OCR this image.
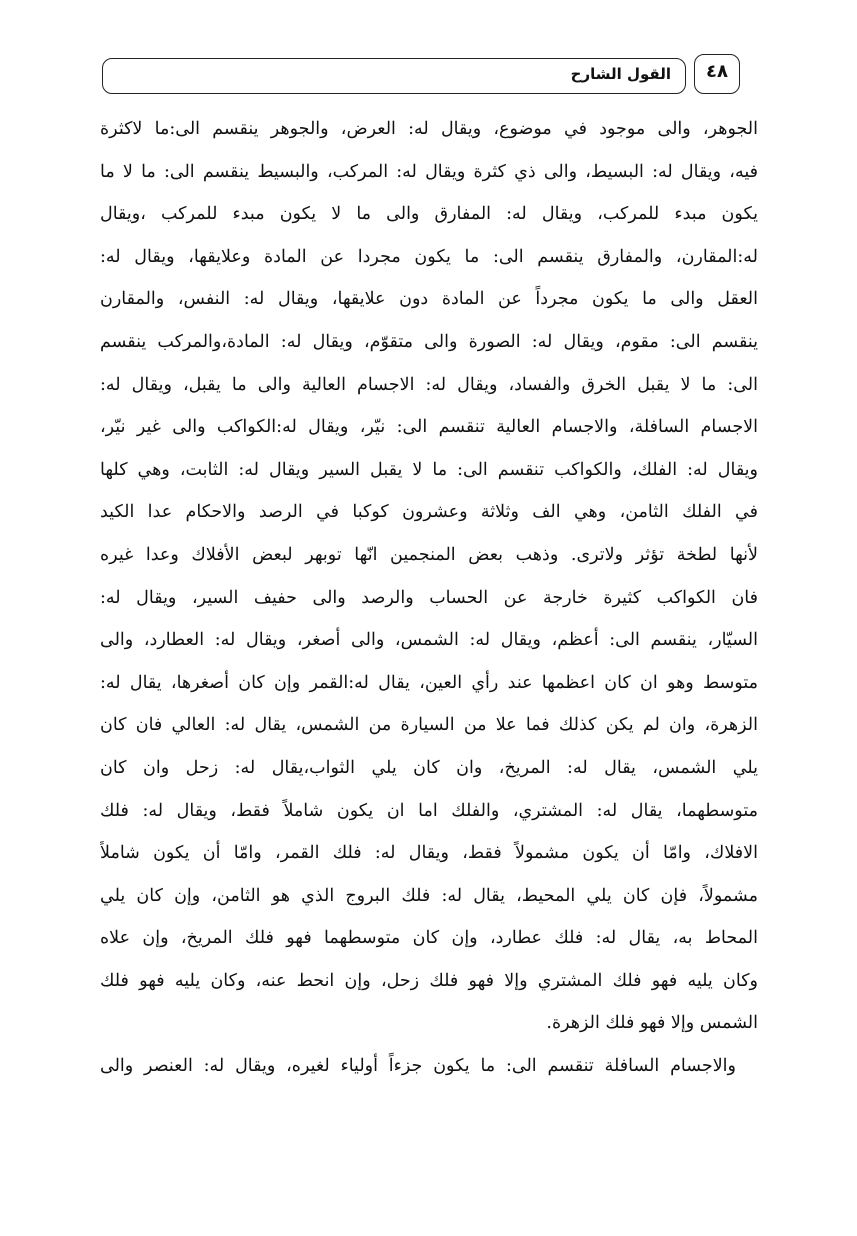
القول الشارح	٤٨
الجوهر، والى موجود في موضوع، ويقال له: العرض، والجوهر ينقسم الى:ما لاكثرة
فيه، ويقال له: البسيط، والى ذي كثرة ويقال له: المركب، والبسيط ينقسم الى: ما لا ما
يكون مبدء للمركب، ويقال له: المفارق والى ما لا يكون مبدء للمركب ،ويقال
له:المقارن، والمفارق ينقسم الى: ما يكون مجردا عن المادة وعلايقها، ويقال له:
العقل والى ما يكون مجرداً عن المادة دون علايقها، ويقال له: النفس، والمقارن
ينقسم الى: مقوم، ويقال له: الصورة والى متقوّم، ويقال له: المادة،والمركب ينقسم
الى: ما لا يقبل الخرق والفساد، ويقال له: الاجسام العالية والى ما يقبل، ويقال له:
الاجسام السافلة، والاجسام العالية تنقسم الى: نيّر، ويقال له:الكواكب والى غير نيّر،
ويقال له: الفلك، والكواكب تنقسم الى: ما لا يقبل السير ويقال له: الثابت، وهي كلها
في الفلك الثامن، وهي الف وثلاثة وعشرون كوكبا في الرصد والاحكام عدا الكيد
لأنها لطخة تؤثر ولاترى. وذهب بعض المنجمين انّها توبهر لبعض الأفلاك وعدا غيره
فان الكواكب كثيرة خارجة عن الحساب والرصد والى حفيف السير، ويقال له:
السيّار، ينقسم الى: أعظم، ويقال له: الشمس، والى أصغر، ويقال له: العطارد، والى
متوسط وهو ان كان اعظمها عند رأي العين، يقال له:القمر وإن كان أصغرها، يقال له:
الزهرة، وان لم يكن كذلك فما علا من السيارة من الشمس، يقال له: العالي فان كان
يلي الشمس، يقال له: المريخ، وان كان يلي الثواب،يقال له: زحل وان كان
متوسطهما، يقال له: المشتري، والفلك اما ان يكون شاملاً فقط، ويقال له: فلك
الافلاك، وامّا أن يكون مشمولاً فقط، ويقال له: فلك القمر، وامّا أن يكون شاملاً
مشمولاً، فإن كان يلي المحيط، يقال له: فلك البروج الذي هو الثامن، وإن كان يلي
المحاط به، يقال له: فلك عطارد، وإن كان متوسطهما فهو فلك المريخ، وإن علاه
وكان يليه فهو فلك المشتري وإلا فهو فلك زحل، وإن انحط عنه، وكان يليه فهو فلك
الشمس وإلا فهو فلك الزهرة.
والاجسام السافلة تنقسم الى: ما يكون جزءاً أولياء لغيره، ويقال له: العنصر والى
